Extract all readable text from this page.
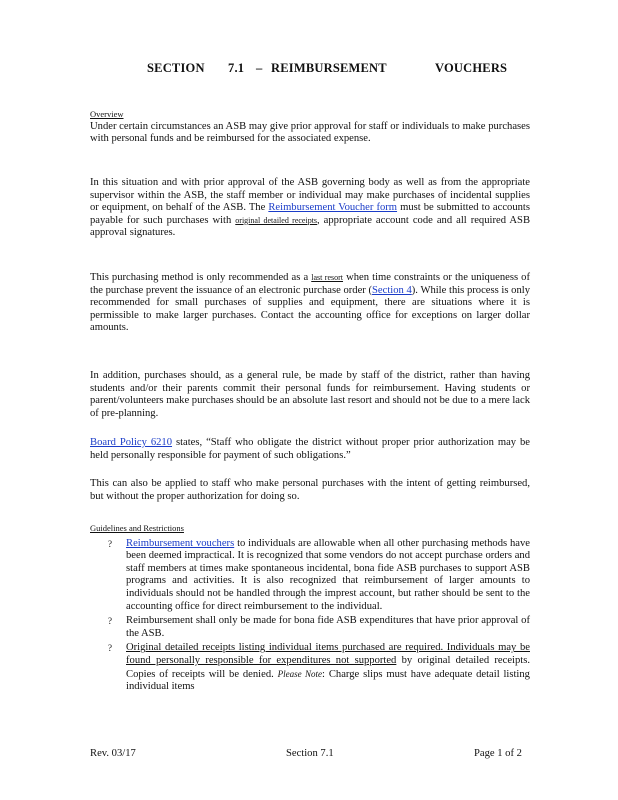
SECTION 7.1 – REIMBURSEMENT	VOUCHERS

Overview

Under certain circumstances an ASB may give prior approval for staff or individuals to make purchases with personal funds and be reimbursed for the associated expense.

In this situation and with prior approval of the ASB governing body as well as from the appropriate supervisor within the ASB, the staff member or individual may make purchases of incidental supplies or equipment, on behalf of the ASB. The Reimbursement Voucher form must be submitted to accounts payable for such purchases with original detailed receipts, appropriate account code and all required ASB approval signatures.

This purchasing method is only recommended as a last resort when time constraints or the uniqueness of the purchase prevent the issuance of an electronic purchase order (Section 4). While this process is only recommended for small purchases of supplies and equipment, there are situations where it is permissible to make larger purchases. Contact the accounting office for exceptions on larger dollar amounts.

In addition, purchases should, as a general rule, be made by staff of the district, rather than having students and/or their parents commit their personal funds for reimbursement. Having students or parent/volunteers make purchases should be an absolute last resort and should not be due to a mere lack of pre-planning.

Board Policy 6210 states, “Staff who obligate the district without proper prior authorization may be held personally responsible for payment of such obligations.”

This can also be applied to staff who make personal purchases with the intent of getting reimbursed, but without the proper authorization for doing so.

Guidelines and Restrictions

? Reimbursement vouchers to individuals are allowable when all other purchasing methods have been deemed impractical. It is recognized that some vendors do not accept purchase orders and staff members at times make spontaneous incidental, bona fide ASB purchases to support ASB programs and activities. It is also recognized that reimbursement of larger amounts to individuals should not be handled through the imprest account, but rather should be sent to the accounting office for direct reimbursement to the individual.
? Reimbursement shall only be made for bona fide ASB expenditures that have prior approval of the ASB.
? Original detailed receipts listing individual items purchased are required. Individuals may be found personally responsible for expenditures not supported by original detailed receipts. Copies of receipts will be denied. Please Note: Charge slips must have adequate detail listing individual items
Rev. 03/17	Section 7.1	Page 1 of 2
